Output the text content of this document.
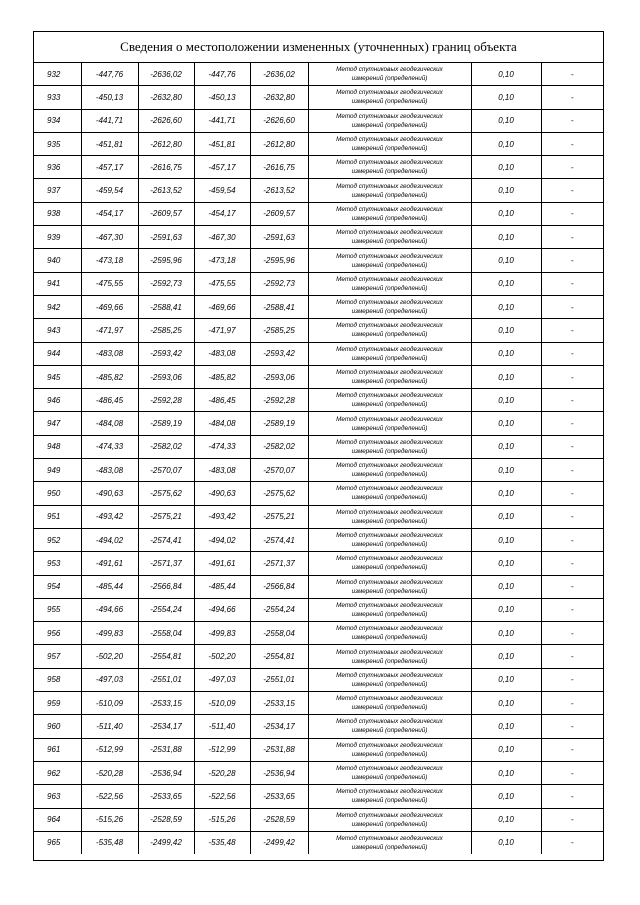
Сведения о местоположении измененных (уточненных) границ объекта
932	-447,76	-2636,02	-447,76	-2636,02	Метод спутниковых геодезических
измерений (определений)	0,10	-
933	-450,13	-2632,80	-450,13	-2632,80	Метод спутниковых геодезических
измерений (определений)	0,10	-
934	-441,71	-2626,60	-441,71	-2626,60	Метод спутниковых геодезических
измерений (определений)	0,10	-
935	-451,81	-2612,80	-451,81	-2612,80	Метод спутниковых геодезических
измерений (определений)	0,10	-
936	-457,17	-2616,75	-457,17	-2616,75	Метод спутниковых геодезических
измерений (определений)	0,10	-
937	-459,54	-2613,52	-459,54	-2613,52	Метод спутниковых геодезических
измерений (определений)	0,10	-
938	-454,17	-2609,57	-454,17	-2609,57	Метод спутниковых геодезических
измерений (определений)	0,10	-
939	-467,30	-2591,63	-467,30	-2591,63	Метод спутниковых геодезических
измерений (определений)	0,10	-
940	-473,18	-2595,96	-473,18	-2595,96	Метод спутниковых геодезических
измерений (определений)	0,10	-
941	-475,55	-2592,73	-475,55	-2592,73	Метод спутниковых геодезических
измерений (определений)	0,10	-
942	-469,66	-2588,41	-469,66	-2588,41	Метод спутниковых геодезических
измерений (определений)	0,10	-
943	-471,97	-2585,25	-471,97	-2585,25	Метод спутниковых геодезических
измерений (определений)	0,10	-
944	-483,08	-2593,42	-483,08	-2593,42	Метод спутниковых геодезических
измерений (определений)	0,10	-
945	-485,82	-2593,06	-485,82	-2593,06	Метод спутниковых геодезических
измерений (определений)	0,10	-
946	-486,45	-2592,28	-486,45	-2592,28	Метод спутниковых геодезических
измерений (определений)	0,10	-
947	-484,08	-2589,19	-484,08	-2589,19	Метод спутниковых геодезических
измерений (определений)	0,10	-
948	-474,33	-2582,02	-474,33	-2582,02	Метод спутниковых геодезических
измерений (определений)	0,10	-
949	-483,08	-2570,07	-483,08	-2570,07	Метод спутниковых геодезических
измерений (определений)	0,10	-
950	-490,63	-2575,62	-490,63	-2575,62	Метод спутниковых геодезических
измерений (определений)	0,10	-
951	-493,42	-2575,21	-493,42	-2575,21	Метод спутниковых геодезических
измерений (определений)	0,10	-
952	-494,02	-2574,41	-494,02	-2574,41	Метод спутниковых геодезических
измерений (определений)	0,10	-
953	-491,61	-2571,37	-491,61	-2571,37	Метод спутниковых геодезических
измерений (определений)	0,10	-
954	-485,44	-2566,84	-485,44	-2566,84	Метод спутниковых геодезических
измерений (определений)	0,10	-
955	-494,66	-2554,24	-494,66	-2554,24	Метод спутниковых геодезических
измерений (определений)	0,10	-
956	-499,83	-2558,04	-499,83	-2558,04	Метод спутниковых геодезических
измерений (определений)	0,10	-
957	-502,20	-2554,81	-502,20	-2554,81	Метод спутниковых геодезических
измерений (определений)	0,10	-
958	-497,03	-2551,01	-497,03	-2551,01	Метод спутниковых геодезических
измерений (определений)	0,10	-
959	-510,09	-2533,15	-510,09	-2533,15	Метод спутниковых геодезических
измерений (определений)	0,10	-
960	-511,40	-2534,17	-511,40	-2534,17	Метод спутниковых геодезических
измерений (определений)	0,10	-
961	-512,99	-2531,88	-512,99	-2531,88	Метод спутниковых геодезических
измерений (определений)	0,10	-
962	-520,28	-2536,94	-520,28	-2536,94	Метод спутниковых геодезических
измерений (определений)	0,10	-
963	-522,56	-2533,65	-522,56	-2533,65	Метод спутниковых геодезических
измерений (определений)	0,10	-
964	-515,26	-2528,59	-515,26	-2528,59	Метод спутниковых геодезических
измерений (определений)	0,10	-
965	-535,48	-2499,42	-535,48	-2499,42	Метод спутниковых геодезических
измерений (определений)	0,10	-
